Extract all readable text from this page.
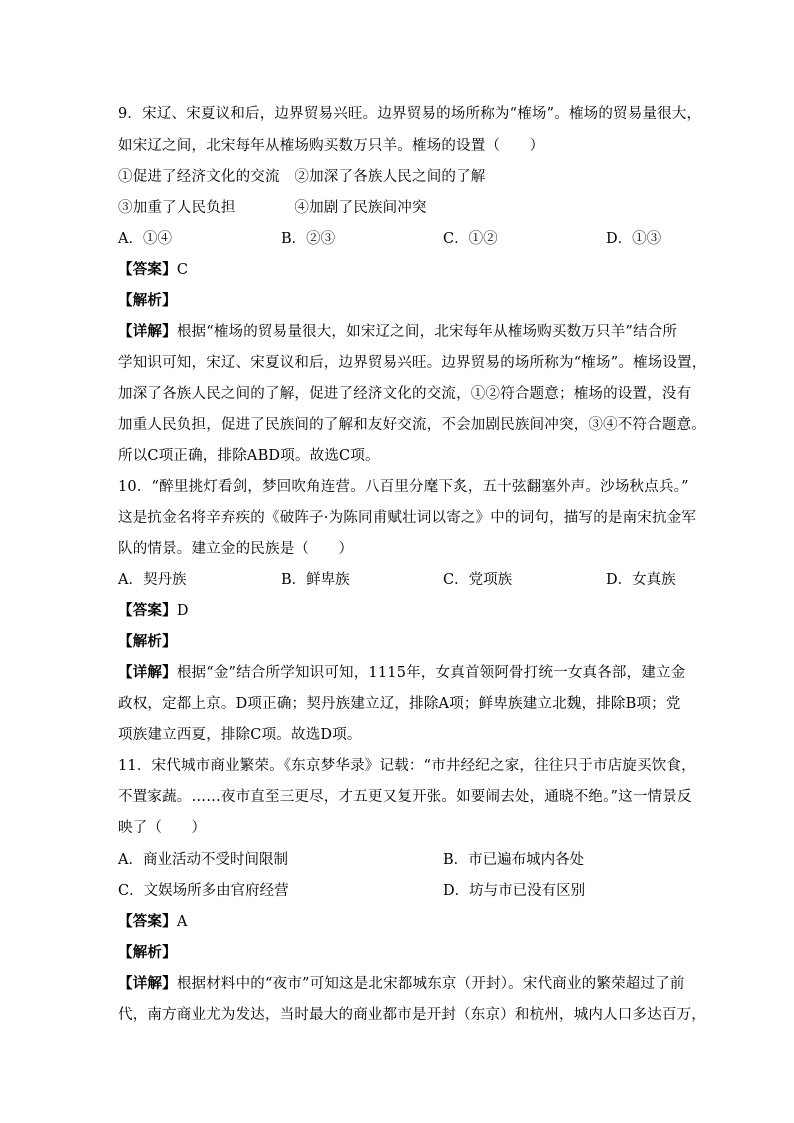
9．宋辽、宋夏议和后，边界贸易兴旺。边界贸易的场所称为“榷场”。榷场的贸易量很大，
如宋辽之间，北宋每年从榷场购买数万只羊。榷场的设置（　　）
①促进了经济文化的交流　②加深了各族人民之间的了解
③加重了人民负担　　　　④加剧了民族间冲突
A．①④	B．②③	C．①②	D．①③
【答案】C
【解析】
【详解】根据“榷场的贸易量很大，如宋辽之间，北宋每年从榷场购买数万只羊”结合所
学知识可知，宋辽、宋夏议和后，边界贸易兴旺。边界贸易的场所称为“榷场”。榷场设置，
加深了各族人民之间的了解，促进了经济文化的交流，①②符合题意；榷场的设置，没有
加重人民负担，促进了民族间的了解和友好交流，不会加剧民族间冲突，③④不符合题意。
所以C项正确，排除ABD项。故选C项。
10．“醉里挑灯看剑，梦回吹角连营。八百里分麾下炙，五十弦翻塞外声。沙场秋点兵。”
这是抗金名将辛弃疾的《破阵子·为陈同甫赋壮词以寄之》中的词句，描写的是南宋抗金军
队的情景。建立金的民族是（　　）
A．契丹族	B．鲜卑族	C．党项族	D．女真族
【答案】D
【解析】
【详解】根据“金”结合所学知识可知，1115年，女真首领阿骨打统一女真各部，建立金
政权，定都上京。D项正确；契丹族建立辽，排除A项；鲜卑族建立北魏，排除B项；党
项族建立西夏，排除C项。故选D项。
11．宋代城市商业繁荣。《东京梦华录》记载：“市井经纪之家，往往只于市店旋买饮食，
不置家蔬。……夜市直至三更尽，才五更又复开张。如要闹去处，通晓不绝。”这一情景反
映了（　　）
A．商业活动不受时间限制	B．市已遍布城内各处
C．文娱场所多由官府经营	D．坊与市已没有区别
【答案】A
【解析】
【详解】根据材料中的“夜市”可知这是北宋都城东京（开封）。宋代商业的繁荣超过了前
代，南方商业尤为发达，当时最大的商业都市是开封（东京）和杭州，城内人口多达百万，
